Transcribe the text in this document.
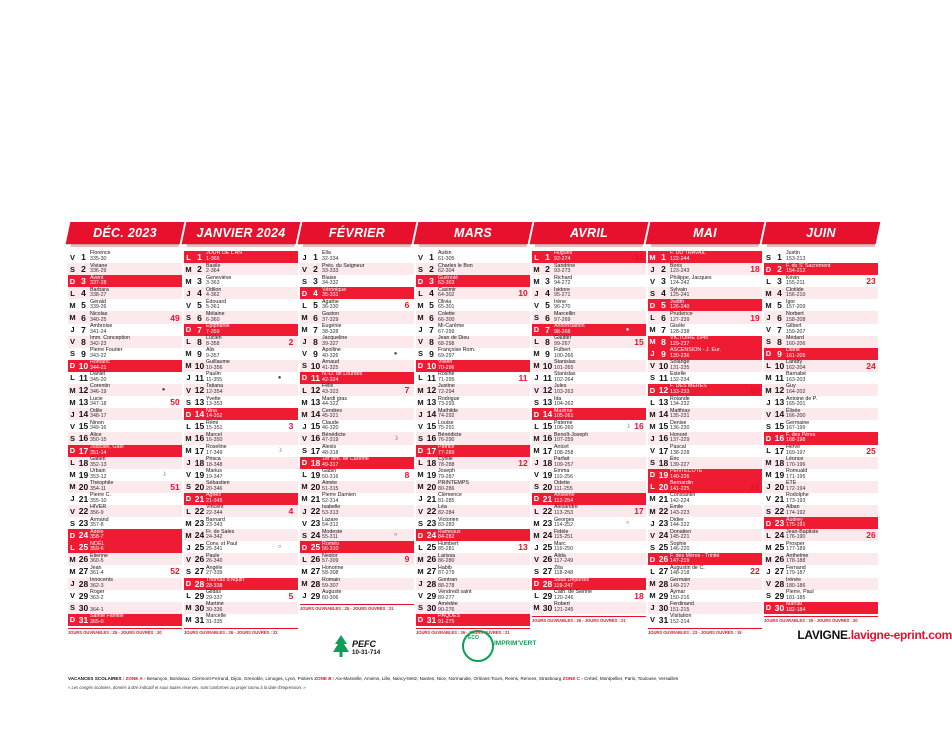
DÉC. 2023
V	1	Florence
335-30		
S	2	Viviane
336-29		
D	3	Avent
337-28		
L	4	Barbara
338-27		
M	5	Gérald
339-26		
M	6	Nicolas
340-25		49
J	7	Ambroise
341-24		
V	8	Imm. Conception
342-23		
S	9	Pierre Fourier
343-22		
D	10	Romaric
344-21		
L	11	Daniel
345-20		
M	12	Corentin
346-19	●	
M	13	Lucie
347-18		50
J	14	Odile
348-17		
V	15	Ninon
349-16		
S	16	Alice
350-15		
D	17	Judicaël, Gaël
351-14		
L	18	Gatien
352-13		
M	19	Urbain
353-12	☽	
M	20	Théophile
354-11		51
J	21	Pierre C.
355-10		
V	22	HIVER
356-9		
S	23	Armand
357-8		
D	24	Adèle
358-7		
L	25	NOËL
359-6		
M	26	Étienne
360-5		
M	27	Jean
361-4		52
J	28	Innocents
362-3		
V	29	Roger
363-2		
S	30	364-1		
D	31	Sainte Famille
365-0		
JOURS OUVRABLES : 25 - JOURS OUVRÉS : 20
JANVIER 2024
L	1	JOUR DE L'AN
1-365		1
M	2	Basile
2-364		
M	3	Geneviève
3-363		
J	4	Odilon
4-362		
V	5	Édouard
5-361		
S	6	Mélaine
6-360		
D	7	Épiphanie
7-359		
L	8	Lucien
8-358		2
M	9	Alix
9-357		
M	10	Guillaume
10-356		
J	11	Paulin
11-355	●	
V	12	Tatiana
12-354		
S	13	Yvette
13-353		
D	14	Nina
14-352		
L	15	Rémi
15-351		3
M	16	Marcel
16-350		
M	17	Roseline
17-349	☽	
J	18	Prisca
18-348		
V	19	Marius
19-347		
S	20	Sébastien
20-346		
D	21	Agnès
21-345		
L	22	Vincent
22-344		4
M	23	Barnard
23-343		
M	24	Fr. de Sales
24-342		
J	25	Conv. st Paul
25-341	○	
V	26	Paule
26-340		
S	27	Angèle
27-339		
D	28	Thomas d'Aquin
28-338		
L	29	Gildas
29-337		5
M	30	Martine
30-336		
M	31	Marcelle
31-335		
JOURS OUVRABLES : 26 - JOURS OUVRÉS : 22
FÉVRIER
J	1	Ella
32-334		
V	2	Prés. du Seigneur
33-333		
S	3	Blaise
34-332		
D	4	Véronique
35-331		
L	5	Agathe
36-330		6
M	6	Gaston
37-329		
M	7	Eugénie
38-328		
J	8	Jacqueline
39-327		
V	9	Apolline
40-326	●	
S	10	Arnaud
41-325		
D	11	N.-D. de Lourdes
42-324		
L	12	Félix
43-323		7
M	13	Mardi gras
44-322		
M	14	Cendres
45-321		
J	15	Claude
46-320		
V	16	Bénédicte
47-319	☽	
S	17	Alexis
48-318		
D	18	1er dim. de Carême
49-317		
L	19	Gabin
50-316		8
M	20	Aimée
51-315		
M	21	Pierre Damien
52-314		
J	22	Isabelle
53-313		
V	23	Lazare
54-312		
S	24	Modeste
55-311	○	
D	25	Roméo
56-310		
L	26	Nestor
57-309		9
M	27	Honorine
58-308		
M	28	Romain
59-307		
J	29	Auguste
60-306		
JOURS OUVRABLES : 25 - JOURS OUVRÉS : 21
MARS
V	1	Aubin
61-305		
S	2	Charles le Bon
62-304		
D	3	Guénolé
63-303		
L	4	Casimir
64-302		10
M	5	Olivia
65-301		
M	6	Colette
66-300		
J	7	Mi-Carême
67-299		
V	8	Jean de Dieu
68-298		
S	9	Françoise Rom.
69-297		
D	10	Vivien
70-296		
L	11	Rosine
71-295		11
M	12	Justine
72-294		
M	13	Rodrigue
73-293		
J	14	Mathilde
74-292		
V	15	Louise
75-291		
S	16	Bénédicte
76-290		
D	17	Patrice
77-289		
L	18	Cyrille
78-288		12
M	19	Joseph
79-287		
M	20	PRINTEMPS
80-286		
J	21	Clémence
81-285		
V	22	Léa
82-284		
S	23	Victorien
83-283		
D	24	Rameaux
84-282		
L	25	Humbert
85-281		13
M	26	Larissa
86-280		
M	27	Habib
87-279		
J	28	Gontran
88-278		
V	29	Vendredi saint
89-277		
S	30	Amédée
90-276		
D	31	PÂQUES
91-275		
JOURS OUVRABLES : 26 - JOURS OUVRÉS : 21
AVRIL
L	1	Hugues
92-274		14
M	2	Sandrine
93-273		
M	3	Richard
94-272		
J	4	Isidore
95-271		
V	5	Irène
96-270		
S	6	Marcellin
97-269		
D	7	Annonciation
98-268	●	
L	8	Gautier
99-267		15
M	9	Fulbert
100-266		
M	10	Stanislas
101-265		
J	11	Stanislas
102-264		
V	12	Jules
103-263		
S	13	Ida
104-262		
D	14	Maxime
105-261		
L	15	Paterne
106-260	☽	16
M	16	Benoît-Joseph
107-259		
M	17	Anicet
108-258		
J	18	Parfait
109-257		
V	19	Emma
110-256		
S	20	Odette
111-255		
D	21	Anselme
112-254		
L	22	Alexandre
113-253		17
M	23	Georges
114-252	○	
M	24	Fidèle
115-251		
J	25	Marc
116-250		
V	26	Alida
117-249		
S	27	Zita
118-248		
D	28	Sous Déportés
119-247		
L	29	Cath. de Sienne
120-246		18
M	30	Robert
121-245		
JOURS OUVRABLES : 26 - JOURS OUVRÉS : 21
MAI
M	1	F. DU TRAVAIL
122-244		
J	2	Boris
123-243		18
V	3	Philippe, Jacques
124-242		
S	4	Sylvain
125-241		
D	5	Judith
126-240		
L	6	Prudence
127-239		19
M	7	Gisèle
128-238		
M	8	VICTOIRE 1945
129-237		
J	9	ASCENSION - J. Eur.
130-236		
V	10	Solange
131-235		
S	11	Estelle
132-234		
D	12	F. DES MÈRES
133-233		20
L	13	Rolande
134-232		
M	14	Matthias
135-231		
M	15	Denise
136-230		
J	16	Honoré
137-229		
V	17	Pascal
138-228		
S	18	Éric
139-227		
D	19	PENTECÔTE
140-226		
L	20	Bernardin
141-225		21
M	21	Constantin
142-224		
M	22	Émile
143-223		
J	23	Didier
144-222		
V	24	Donatien
145-221		
S	25	Sophie
146-220		
D	26	F. des Mères - Trinité
147-219		
L	27	Augustin de C.
148-218		22
M	28	Germain
149-217		
M	29	Aymar
150-216		
J	30	Ferdinand
151-215		
V	31	Visitation
152-214		
JOURS OUVRABLES : 23 - JOURS OUVRÉS : 19
JUIN
S	1	Justin
153-213		
D	2	F. du S' Sacrement
154-212		
L	3	Kévin
155-211		23
M	4	Clotilde
156-210		
M	5	Igor
157-209		
J	6	Norbert
158-208		
V	7	Gilbert
159-207		
S	8	Médard
160-206		
D	9	Diane
161-205		
L	10	Landry
162-204		24
M	11	Barnabé
163-203		
M	12	Guy
164-202		
J	13	Antoine de P.
165-201		
V	14	Élisée
166-200		
S	15	Germaine
167-199		
D	16	F. des Pères
168-198		
L	17	Hervé
169-197		25
M	18	Léonce
170-196		
M	19	Romuald
171-195		
J	20	ÉTÉ
172-194		
V	21	Rodolphe
173-193		
S	22	Alban
174-192		
D	23	Audrey
175-191		
L	24	Jean-Baptiste
176-190		26
M	25	Prosper
177-189		
M	26	Anthelme
178-188		
J	27	Fernand
179-187		
V	28	Irénée
180-186		
S	29	Pierre, Paul
181-185		
D	30	Martial
182-184		
JOURS OUVRABLES : 25 - JOURS OUVRÉS : 20
PEFC
10-31-714
ECO
IMPRIM'VERT
LAVIGNE.lavigne-eprint.com
VACANCES SCOLAIRES : ZONE A › Besançon, Bordeaux, Clermont-Ferrand, Dijon, Grenoble, Limoges, Lyon, Poitiers ZONE B › Aix-Marseille, Amiens, Lille, Nancy-Metz, Nantes, Nice, Normandie, Orléans-Tours, Reims, Rennes, Strasbourg ZONE C › Créteil, Montpellier, Paris, Toulouse, Versailles
« Les congés scolaires, donnés à titre indicatif et sous toutes réserves, sont conformes au projet connu à la date d'impression. »
